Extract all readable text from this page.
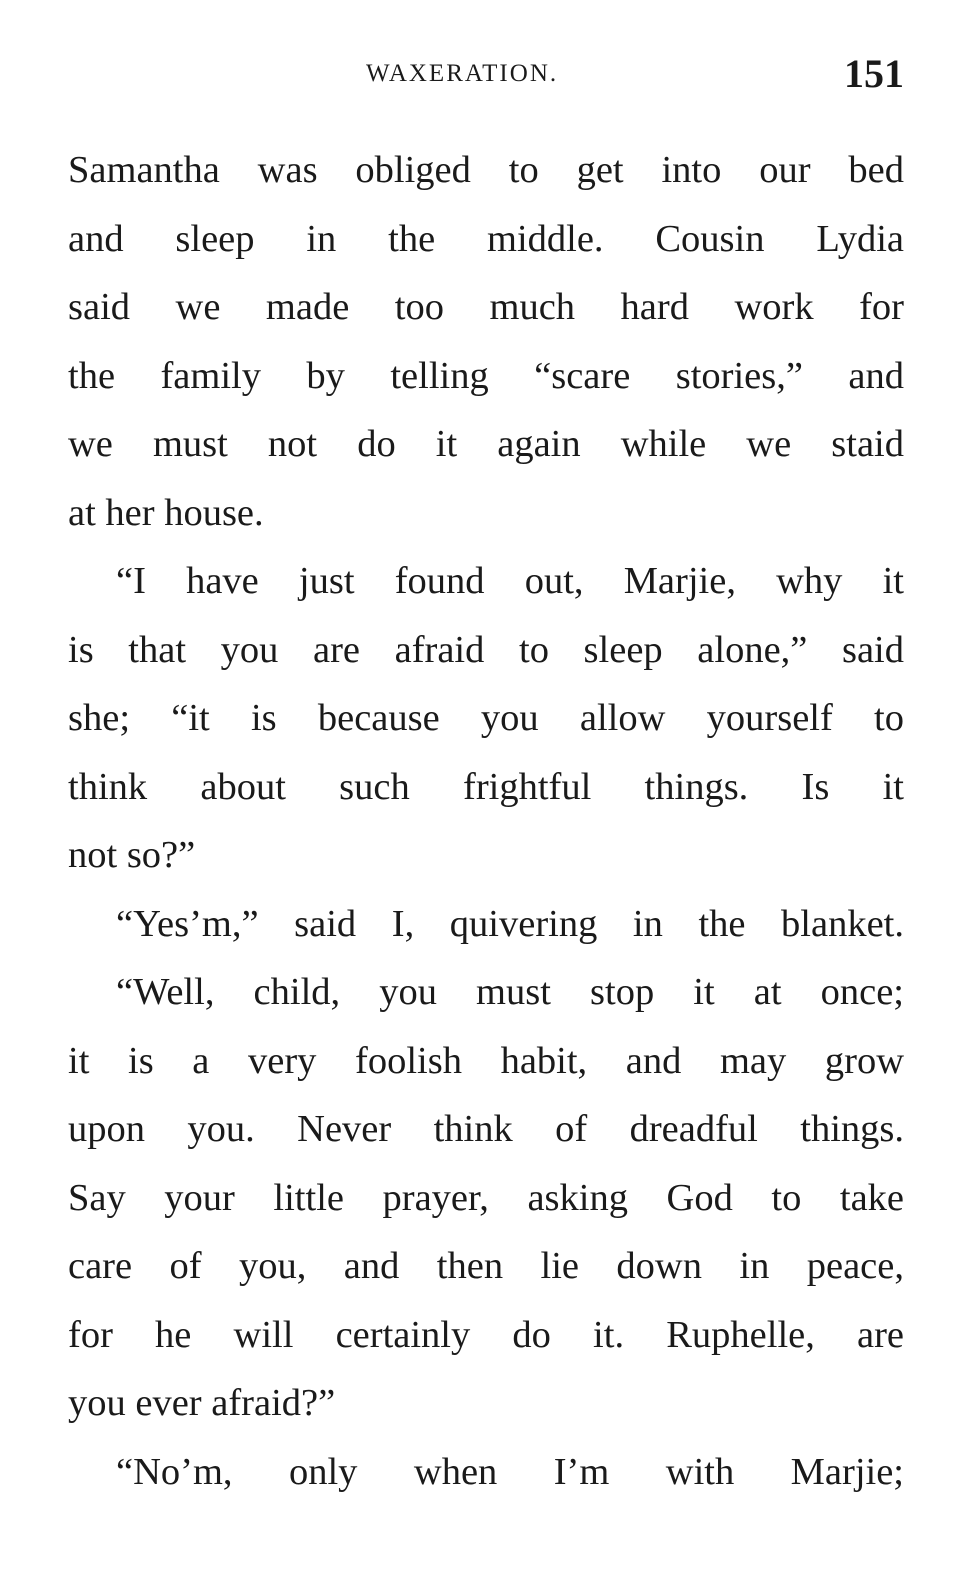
WAXERATION.	151
Samantha was obliged to get into our bed
and sleep in the middle. Cousin Lydia
said we made too much hard work for
the family by telling “scare stories,” and
we must not do it again while we staid
at her house.
“I have just found out, Marjie, why it
is that you are afraid to sleep alone,” said
she; “it is because you allow yourself to
think about such frightful things. Is it
not so?”
“Yes’m,” said I, quivering in the blanket.
“Well, child, you must stop it at once;
it is a very foolish habit, and may grow
upon you. Never think of dreadful things.
Say your little prayer, asking God to take
care of you, and then lie down in peace,
for he will certainly do it. Ruphelle, are
you ever afraid?”
“No’m, only when I’m with Marjie;
